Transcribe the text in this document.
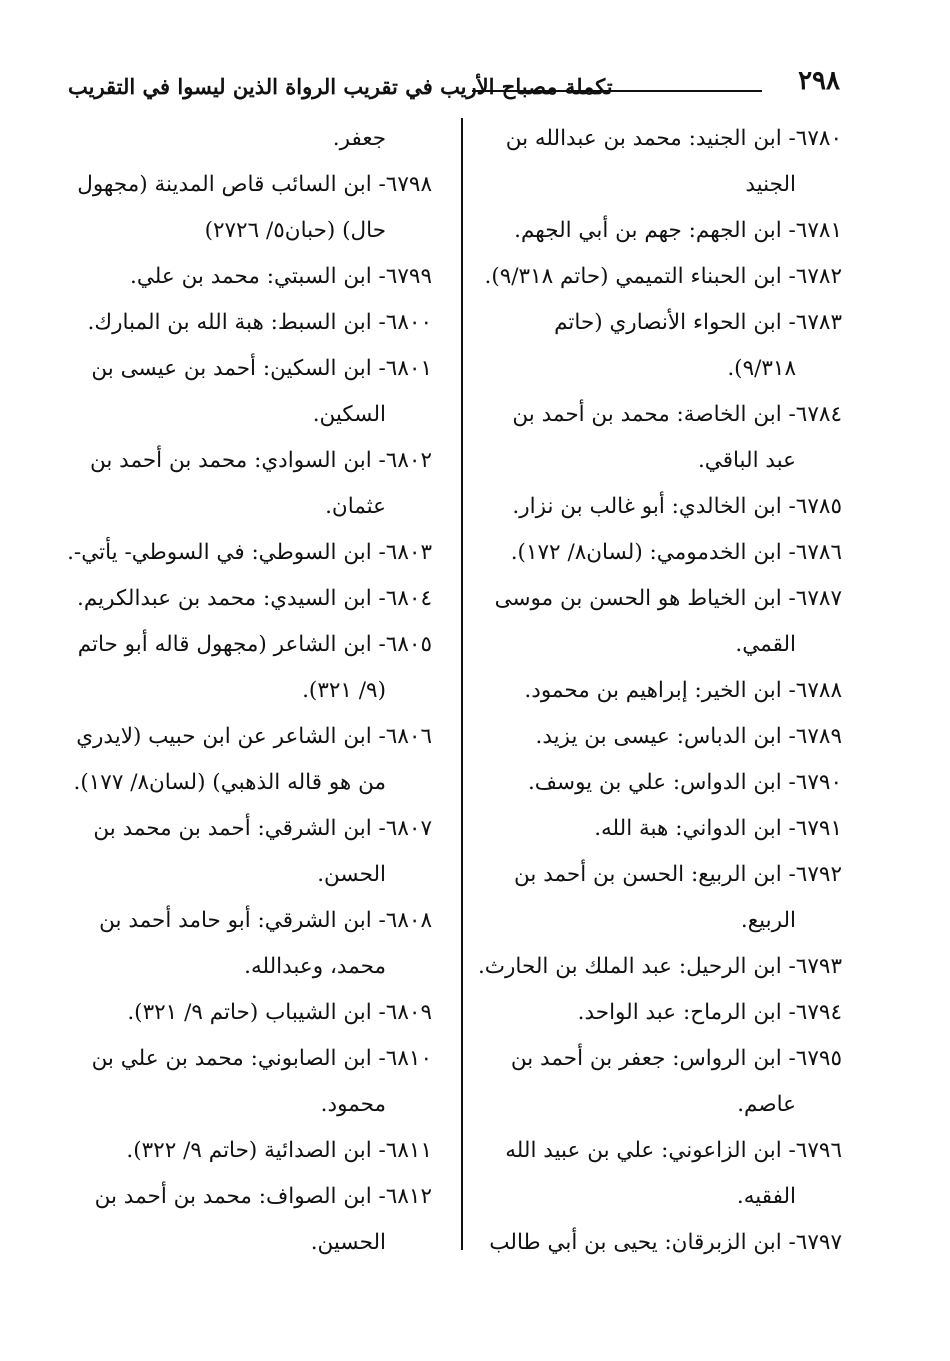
٢٩٨
تكملة مصباح الأريب في تقريب الرواة الذين ليسوا في التقريب
٦٧٨٠- ابن الجنيد: محمد بن عبدالله بن
الجنيد
٦٧٨١- ابن الجهم: جهم بن أبي الجهم.
٦٧٨٢- ابن الحبناء التميمي (حاتم ٩/٣١٨).
٦٧٨٣- ابن الحواء الأنصاري (حاتم
٩/٣١٨).
٦٧٨٤- ابن الخاصة: محمد بن أحمد بن
عبد الباقي.
٦٧٨٥- ابن الخالدي: أبو غالب بن نزار.
٦٧٨٦- ابن الخدمومي: (لسان٨/ ١٧٢).
٦٧٨٧- ابن الخياط هو الحسن بن موسى
القمي.
٦٧٨٨- ابن الخير: إبراهيم بن محمود.
٦٧٨٩- ابن الدباس: عيسى بن يزيد.
٦٧٩٠- ابن الدواس: علي بن يوسف.
٦٧٩١- ابن الدواني: هبة الله.
٦٧٩٢- ابن الربيع: الحسن بن أحمد بن
الربيع.
٦٧٩٣- ابن الرحيل: عبد الملك بن الحارث.
٦٧٩٤- ابن الرماح: عبد الواحد.
٦٧٩٥- ابن الرواس: جعفر بن أحمد بن
عاصم.
٦٧٩٦- ابن الزاعوني: علي بن عبيد الله
الفقيه.
٦٧٩٧- ابن الزبرقان: يحيى بن أبي طالب
جعفر.
٦٧٩٨- ابن السائب قاص المدينة (مجهول
حال) (حبان٥/ ٢٧٢٦)
٦٧٩٩- ابن السبتي: محمد بن علي.
٦٨٠٠- ابن السبط: هبة الله بن المبارك.
٦٨٠١- ابن السكين: أحمد بن عيسى بن
السكين.
٦٨٠٢- ابن السوادي: محمد بن أحمد بن
عثمان.
٦٨٠٣- ابن السوطي: في السوطي- يأتي-.
٦٨٠٤- ابن السيدي: محمد بن عبدالكريم.
٦٨٠٥- ابن الشاعر (مجهول قاله أبو حاتم
(٩/ ٣٢١).
٦٨٠٦- ابن الشاعر عن ابن حبيب (لايدري
من هو قاله الذهبي) (لسان٨/ ١٧٧).
٦٨٠٧- ابن الشرقي: أحمد بن محمد بن
الحسن.
٦٨٠٨- ابن الشرقي: أبو حامد أحمد بن
محمد، وعبدالله.
٦٨٠٩- ابن الشيباب (حاتم ٩/ ٣٢١).
٦٨١٠- ابن الصابوني: محمد بن علي بن
محمود.
٦٨١١- ابن الصدائية (حاتم ٩/ ٣٢٢).
٦٨١٢- ابن الصواف: محمد بن أحمد بن
الحسين.
